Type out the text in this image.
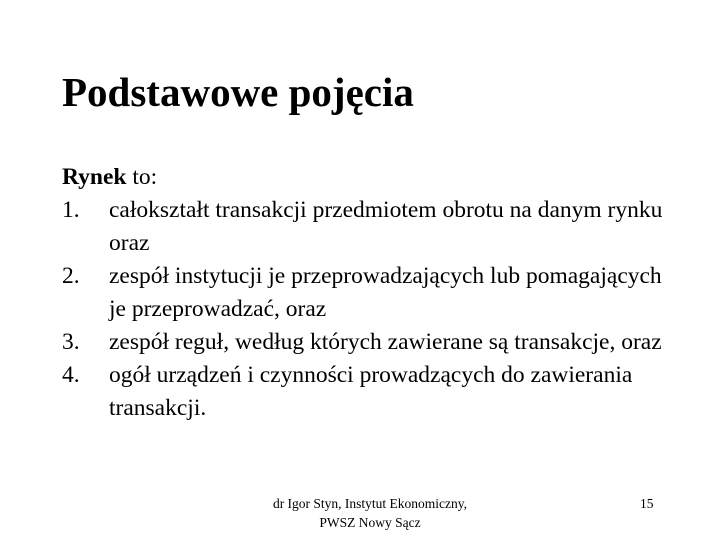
Podstawowe pojęcia
Rynek to:
1. całokształt transakcji przedmiotem obrotu na danym rynku oraz
2. zespół instytucji je przeprowadzających lub pomagających je przeprowadzać, oraz
3. zespół reguł, według których zawierane są transakcje, oraz
4. ogół urządzeń i czynności prowadzących do zawierania transakcji.
dr Igor Styn, Instytut Ekonomiczny,
PWSZ Nowy Sącz
15
